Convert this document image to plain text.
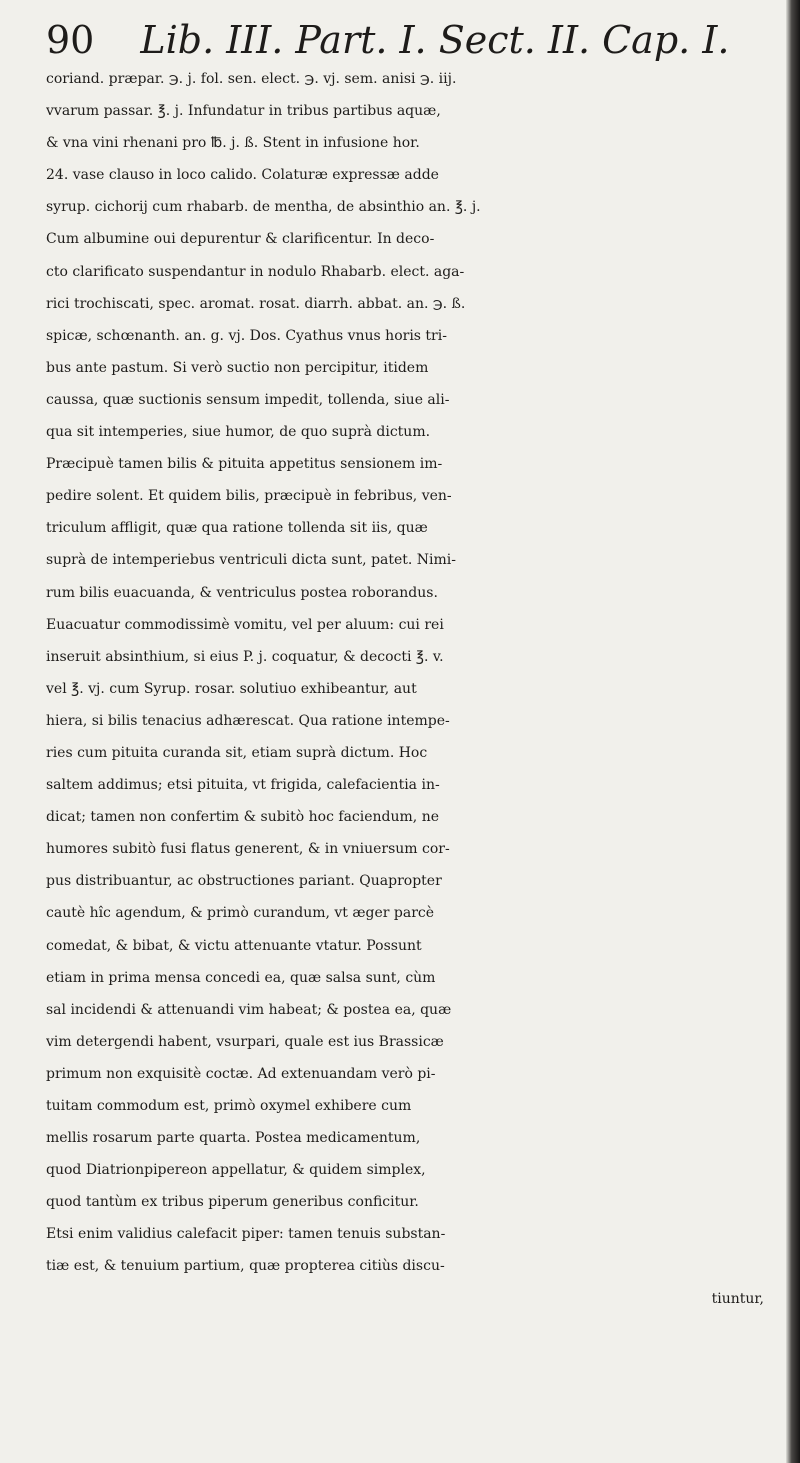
90 Lib. III. Part. I. Sect. II. Cap. I.
coriand. præpar. ℈. j. fol. sen. elect. ℈. vj. sem. anisi ℈. iij.
vvarum passar. ℥. j. Infundatur in tribus partibus aquæ,
& vna vini rhenani pro ℔. j. ß. Stent in infusione hor.
24. vase clauso in loco calido. Colaturæ expressæ adde
syrup. cichorij cum rhabarb. de mentha, de absinthio an. ℥. j.
Cum albumine oui depurentur & clarificentur. In deco-
cto clarificato suspendantur in nodulo Rhabarb. elect. aga-
rici trochiscati, spec. aromat. rosat. diarrh. abbat. an. ℈. ß.
spicæ, schœnanth. an. g. vj. Dos. Cyathus vnus horis tri-
bus ante pastum. Si verò suctio non percipitur, itidem
caussa, quæ suctionis sensum impedit, tollenda, siue ali-
qua sit intemperies, siue humor, de quo suprà dictum.
Præcipuè tamen bilis & pituita appetitus sensionem im-
pedire solent. Et quidem bilis, præcipuè in febribus, ven-
triculum affligit, quæ qua ratione tollenda sit iis, quæ
suprà de intemperiebus ventriculi dicta sunt, patet. Nimi-
rum bilis euacuanda, & ventriculus postea roborandus.
Euacuatur commodissimè vomitu, vel per aluum: cui rei
inseruit absinthium, si eius P. j. coquatur, & decocti ℥. v.
vel ℥. vj. cum Syrup. rosar. solutiuo exhibeantur, aut
hiera, si bilis tenacius adhærescat. Qua ratione intempe-
ries cum pituita curanda sit, etiam suprà dictum. Hoc
saltem addimus; etsi pituita, vt frigida, calefacientia in-
dicat; tamen non confertim & subitò hoc faciendum, ne
humores subitò fusi flatus generent, & in vniuersum cor-
pus distribuantur, ac obstructiones pariant. Quapropter
cautè hîc agendum, & primò curandum, vt æger parcè
comedat, & bibat, & victu attenuante vtatur. Possunt
etiam in prima mensa concedi ea, quæ salsa sunt, cùm
sal incidendi & attenuandi vim habeat; & postea ea, quæ
vim detergendi habent, vsurpari, quale est ius Brassicæ
primum non exquisitè coctæ. Ad extenuandam verò pi-
tuitam commodum est, primò oxymel exhibere cum
mellis rosarum parte quarta. Postea medicamentum,
quod Diatrionpipereon appellatur, & quidem simplex,
quod tantùm ex tribus piperum generibus conficitur.
Etsi enim validius calefacit piper: tamen tenuis substan-
tiæ est, & tenuium partium, quæ propterea citiùs discu-
tiuntur,
